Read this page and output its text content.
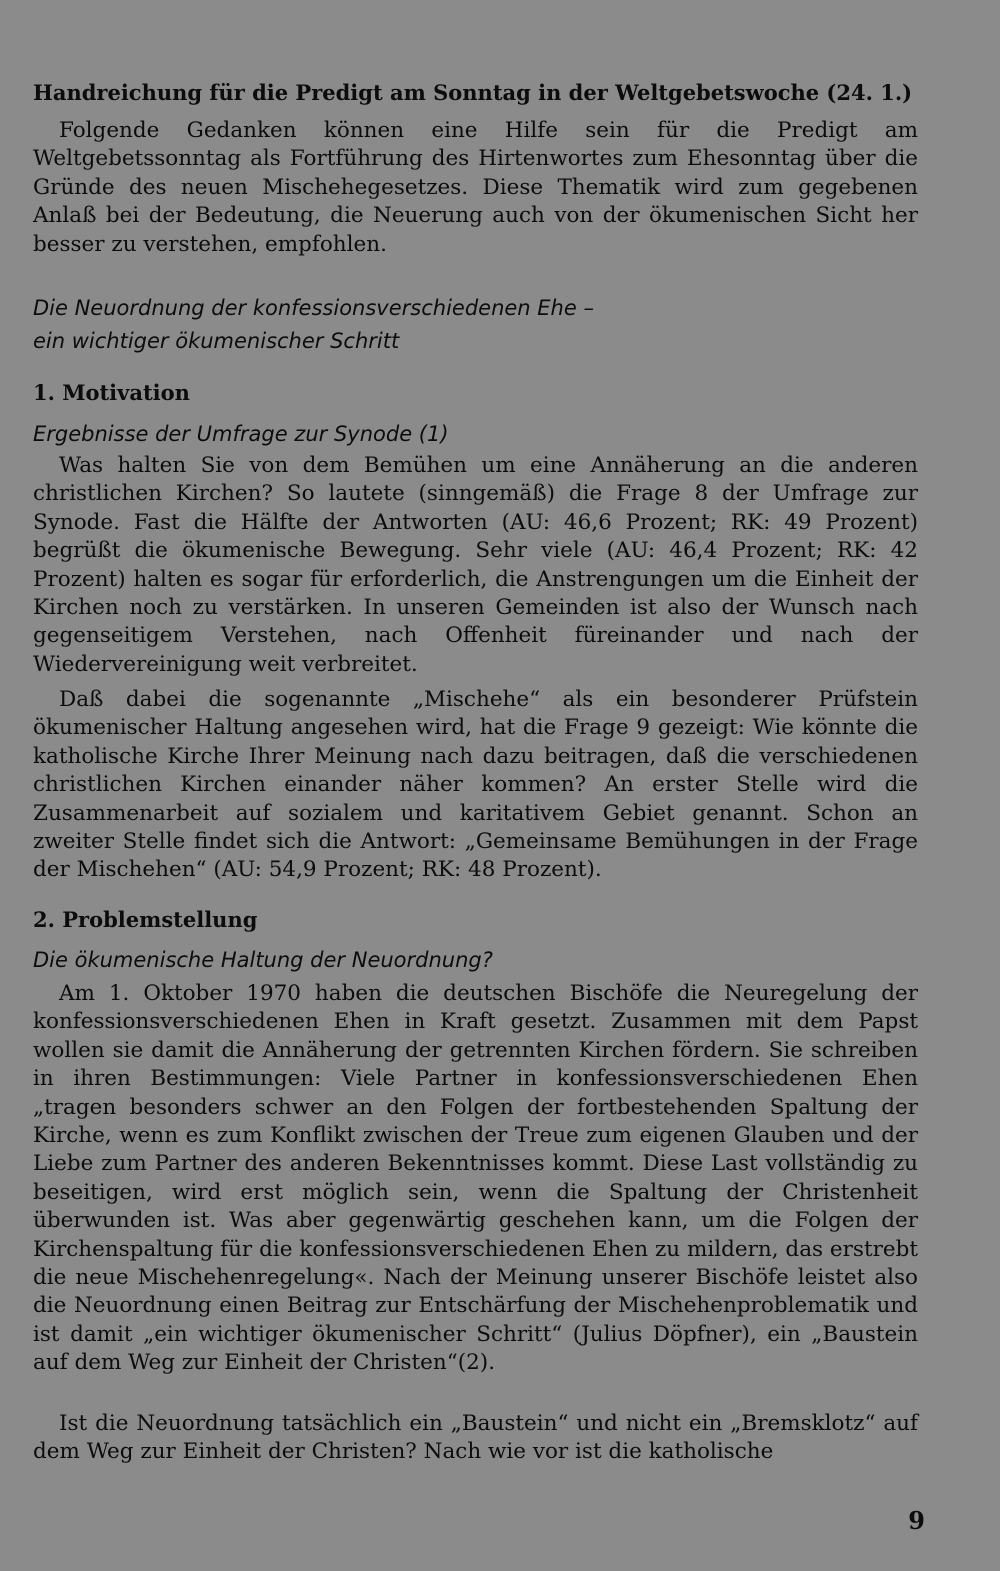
Handreichung für die Predigt am Sonntag in der Weltgebetswoche (24. 1.)

Folgende Gedanken können eine Hilfe sein für die Predigt am Weltgebetssonntag als Fortführung des Hirtenwortes zum Ehesonntag über die Gründe des neuen Mischehegesetzes. Diese Thematik wird zum gegebenen Anlaß bei der Bedeutung, die Neuerung auch von der ökumenischen Sicht her besser zu verstehen, empfohlen.

Die Neuordnung der konfessionsverschiedenen Ehe –

ein wichtiger ökumenischer Schritt

1. Motivation

Ergebnisse der Umfrage zur Synode (1)

Was halten Sie von dem Bemühen um eine Annäherung an die anderen christlichen Kirchen? So lautete (sinngemäß) die Frage 8 der Umfrage zur Synode. Fast die Hälfte der Antworten (AU: 46,6 Prozent; RK: 49 Prozent) begrüßt die ökumenische Bewegung. Sehr viele (AU: 46,4 Prozent; RK: 42 Prozent) halten es sogar für erforderlich, die Anstrengungen um die Einheit der Kirchen noch zu verstärken. In unseren Gemeinden ist also der Wunsch nach gegenseitigem Verstehen, nach Offenheit füreinander und nach der Wiedervereinigung weit verbreitet.

Daß dabei die sogenannte „Mischehe“ als ein besonderer Prüfstein ökumenischer Haltung angesehen wird, hat die Frage 9 gezeigt: Wie könnte die katholische Kirche Ihrer Meinung nach dazu beitragen, daß die verschiedenen christlichen Kirchen einander näher kommen? An erster Stelle wird die Zusammenarbeit auf sozialem und karitativem Gebiet genannt. Schon an zweiter Stelle findet sich die Antwort: „Gemeinsame Bemühungen in der Frage der Mischehen“ (AU: 54,9 Prozent; RK: 48 Prozent).

2. Problemstellung

Die ökumenische Haltung der Neuordnung?

Am 1. Oktober 1970 haben die deutschen Bischöfe die Neuregelung der konfessionsverschiedenen Ehen in Kraft gesetzt. Zusammen mit dem Papst wollen sie damit die Annäherung der getrennten Kirchen fördern. Sie schreiben in ihren Bestimmungen: Viele Partner in konfessionsverschiedenen Ehen „tragen besonders schwer an den Folgen der fortbestehenden Spaltung der Kirche, wenn es zum Konflikt zwischen der Treue zum eigenen Glauben und der Liebe zum Partner des anderen Bekenntnisses kommt. Diese Last vollständig zu beseitigen, wird erst möglich sein, wenn die Spaltung der Christenheit überwunden ist. Was aber gegenwärtig geschehen kann, um die Folgen der Kirchenspaltung für die konfessionsverschiedenen Ehen zu mildern, das erstrebt die neue Mischehenregelung«. Nach der Meinung unserer Bischöfe leistet also die Neuordnung einen Beitrag zur Entschärfung der Mischehenproblematik und ist damit „ein wichtiger ökumenischer Schritt“ (Julius Döpfner), ein „Baustein auf dem Weg zur Einheit der Christen“(2).

Ist die Neuordnung tatsächlich ein „Baustein“ und nicht ein „Bremsklotz“ auf dem Weg zur Einheit der Christen? Nach wie vor ist die katholische

9
